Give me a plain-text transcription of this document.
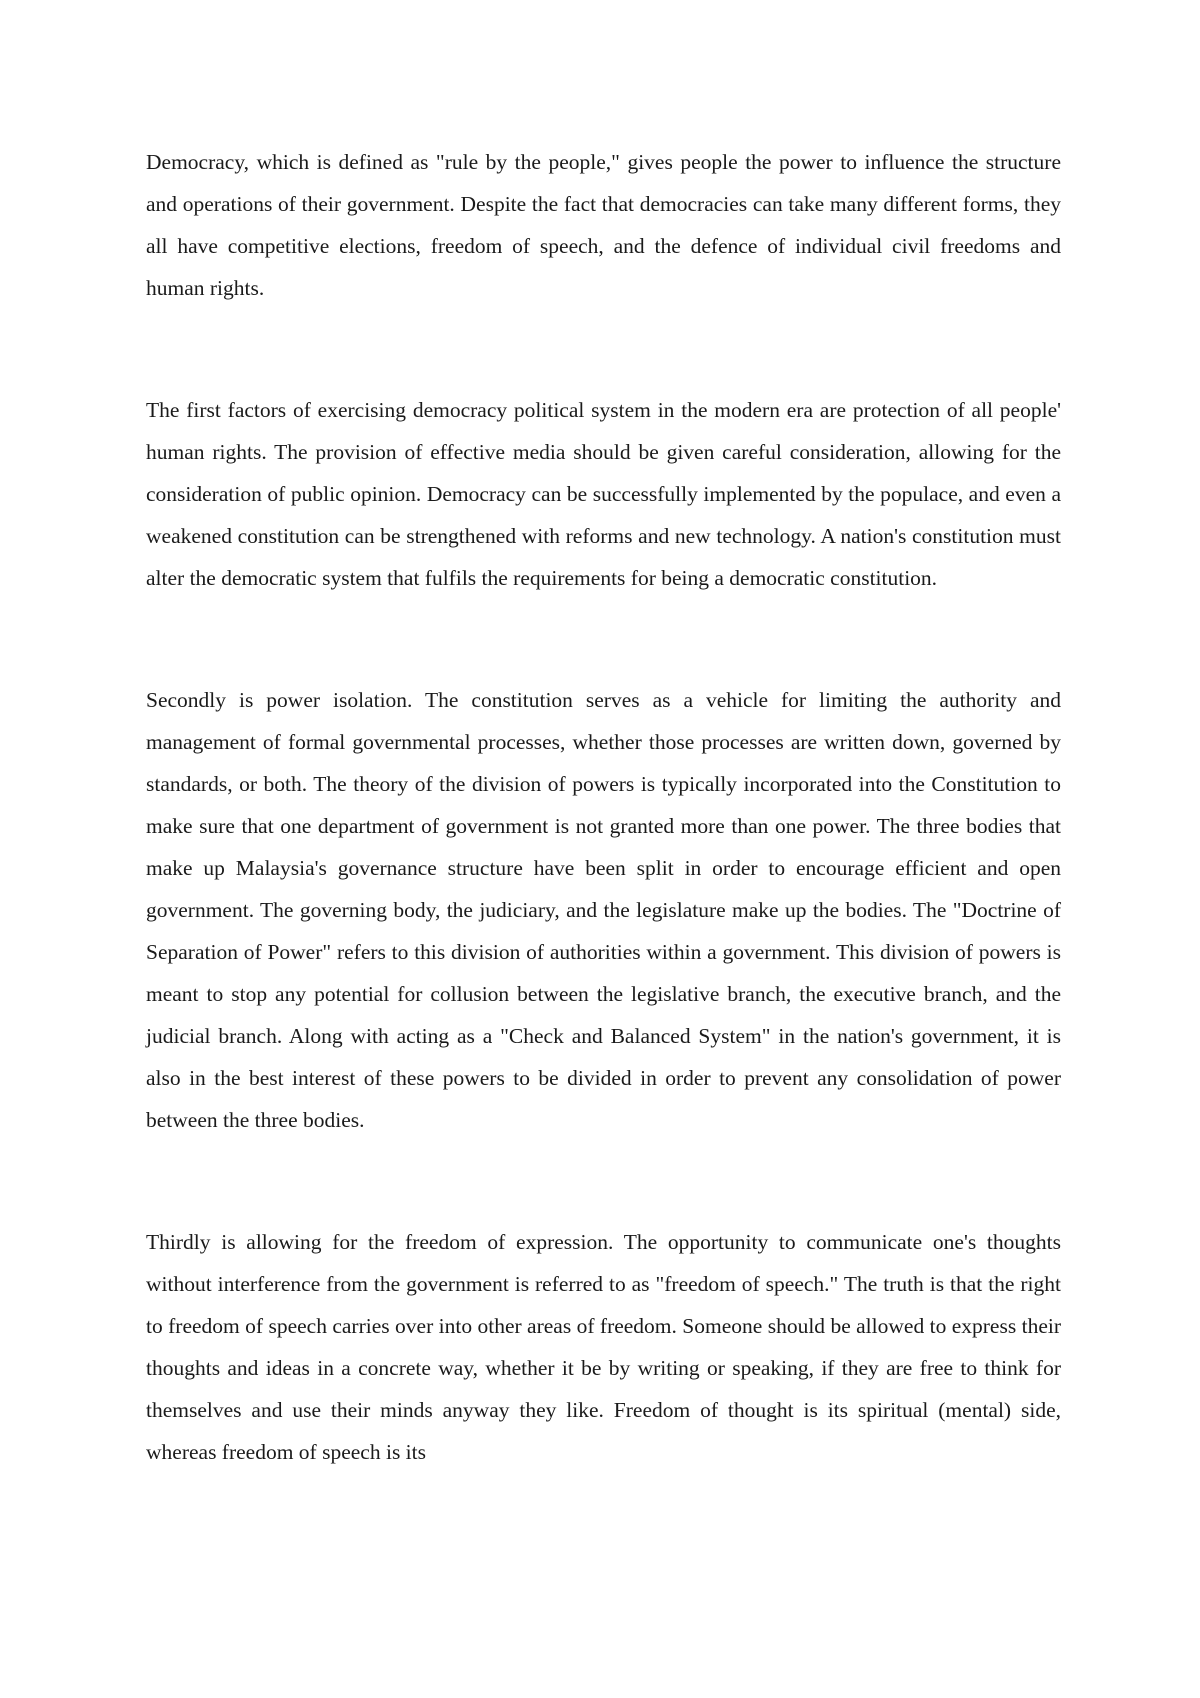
Democracy, which is defined as "rule by the people," gives people the power to influence the structure and operations of their government. Despite the fact that democracies can take many different forms, they all have competitive elections, freedom of speech, and the defence of individual civil freedoms and human rights.

The first factors of exercising democracy political system in the modern era are protection of all people' human rights. The provision of effective media should be given careful consideration, allowing for the consideration of public opinion. Democracy can be successfully implemented by the populace, and even a weakened constitution can be strengthened with reforms and new technology. A nation's constitution must alter the democratic system that fulfils the requirements for being a democratic constitution.

Secondly is power isolation. The constitution serves as a vehicle for limiting the authority and management of formal governmental processes, whether those processes are written down, governed by standards, or both. The theory of the division of powers is typically incorporated into the Constitution to make sure that one department of government is not granted more than one power. The three bodies that make up Malaysia's governance structure have been split in order to encourage efficient and open government. The governing body, the judiciary, and the legislature make up the bodies. The "Doctrine of Separation of Power" refers to this division of authorities within a government. This division of powers is meant to stop any potential for collusion between the legislative branch, the executive branch, and the judicial branch. Along with acting as a "Check and Balanced System" in the nation's government, it is also in the best interest of these powers to be divided in order to prevent any consolidation of power between the three bodies.

Thirdly is allowing for the freedom of expression. The opportunity to communicate one's thoughts without interference from the government is referred to as "freedom of speech." The truth is that the right to freedom of speech carries over into other areas of freedom. Someone should be allowed to express their thoughts and ideas in a concrete way, whether it be by writing or speaking, if they are free to think for themselves and use their minds anyway they like. Freedom of thought is its spiritual (mental) side, whereas freedom of speech is its
